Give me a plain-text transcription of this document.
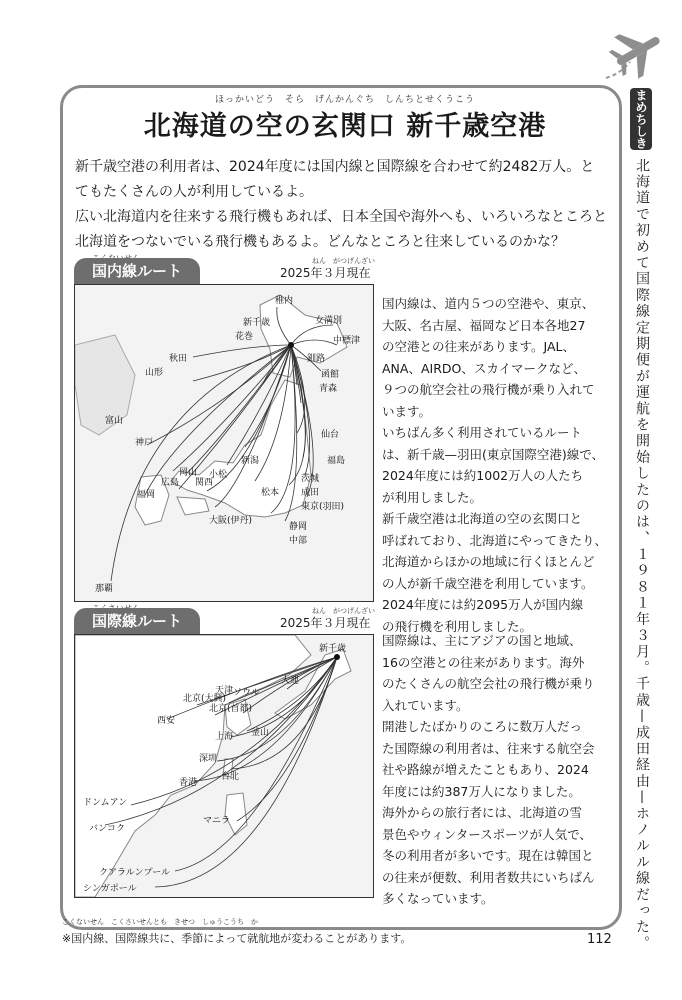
ほっかいどう　そら　げんかんぐち　しんちとせくうこう
北海道の空の玄関口 新千歳空港
新千歳空港の利用者は、2024年度には国内線と国際線を合わせて約2482万人。と
てもたくさんの人が利用しているよ。
広い北海道内を往来する飛行機もあれば、日本全国や海外へも、いろいろなところと
北海道をつないでいる飛行機もあるよ。どんなところと往来しているのかな？
国内線ルート
ねん　がつげんざい
2025年３月現在
新千歳
稚内
女満別
中標津
釧路
函館
青森
花巻
秋田
山形
仙台
福島
新潟
茨城
成田
東京(羽田)
松本
富山
小松
静岡
中部
神戸
広島
岡山
関西
大阪(伊丹)
福岡
那覇
国内線は、道内５つの空港や、東京、
大阪、名古屋、福岡など日本各地27
の空港との往来があります。JAL、
ANA、AIRDO、スカイマークなど、
９つの航空会社の飛行機が乗り入れて
います。
いちばん多く利用されているルート
は、新千歳—羽田(東京国際空港)線で、
2024年度には約1002万人の人たち
が利用しました。
新千歳空港は北海道の空の玄関口と
呼ばれており、北海道にやってきたり、
北海道からほかの地域に行くほとんど
の人が新千歳空港を利用しています。
2024年度には約2095万人が国内線
の飛行機を利用しました。
国際線ルート
ねん　がつげんざい
2025年３月現在
新千歳
大連
ソウル
北京(大興)
北京(首都)
天津
西安
釜山
上海
深圳
台北
香港
ドンムアン
バンコク
マニラ
クアラルンプール
シンガポール
国際線は、主にアジアの国と地域、
16の空港との往来があります。海外
のたくさんの航空会社の飛行機が乗り
入れています。
開港したばかりのころに数万人だっ
た国際線の利用者は、往来する航空会
社や路線が増えたこともあり、2024
年度には約387万人になりました。
海外からの旅行者には、北海道の雪
景色やウィンタースポーツが人気で、
冬の利用者が多いです。現在は韓国と
の往来が便数、利用者数共にいちばん
多くなっています。
まめちしき
北海道で初めて国際線定期便が運航を開始したのは、１９８１年３月。千歳—成田経由—ホノルル線だった。
こくないせん　こくさいせんとも　きせつ　しゅうこうち　か
※国内線、国際線共に、季節によって就航地が変わることがあります。	112
